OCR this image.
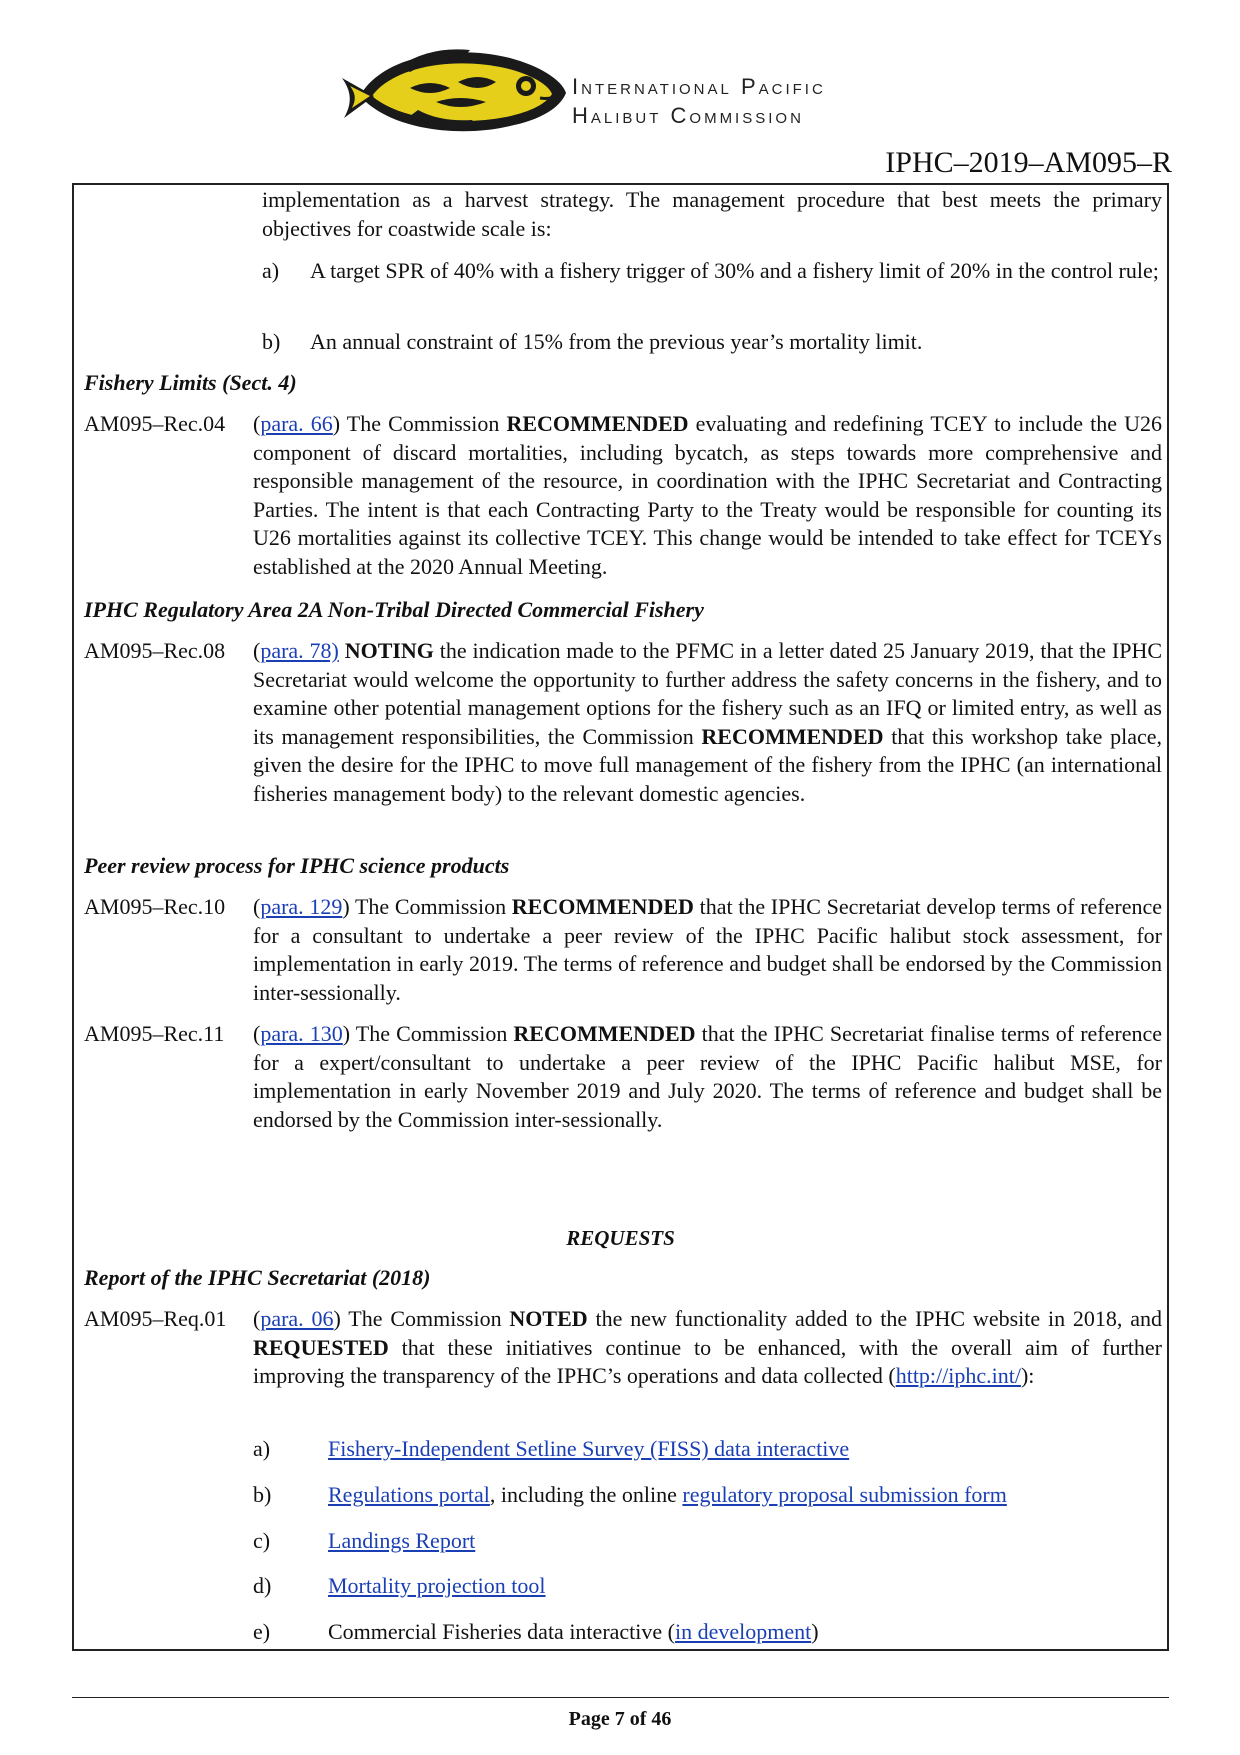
International Pacific
Halibut Commission
IPHC–2019–AM095–R

implementation as a harvest strategy. The management procedure that best meets the primary objectives for coastwide scale is:

a) A target SPR of 40% with a fishery trigger of 30% and a fishery limit of 20% in the control rule;

b) An annual constraint of 15% from the previous year’s mortality limit.

Fishery Limits (Sect. 4)
AM095–Rec.04 (para. 66) The Commission RECOMMENDED evaluating and redefining TCEY to include the U26 component of discard mortalities, including bycatch, as steps towards more comprehensive and responsible management of the resource, in coordination with the IPHC Secretariat and Contracting Parties. The intent is that each Contracting Party to the Treaty would be responsible for counting its U26 mortalities against its collective TCEY. This change would be intended to take effect for TCEYs established at the 2020 Annual Meeting.

IPHC Regulatory Area 2A Non-Tribal Directed Commercial Fishery
AM095–Rec.08 (para. 78) NOTING the indication made to the PFMC in a letter dated 25 January 2019, that the IPHC Secretariat would welcome the opportunity to further address the safety concerns in the fishery, and to examine other potential management options for the fishery such as an IFQ or limited entry, as well as its management responsibilities, the Commission RECOMMENDED that this workshop take place, given the desire for the IPHC to move full management of the fishery from the IPHC (an international fisheries management body) to the relevant domestic agencies.

Peer review process for IPHC science products
AM095–Rec.10 (para. 129) The Commission RECOMMENDED that the IPHC Secretariat develop terms of reference for a consultant to undertake a peer review of the IPHC Pacific halibut stock assessment, for implementation in early 2019. The terms of reference and budget shall be endorsed by the Commission inter-sessionally.

AM095–Rec.11 (para. 130) The Commission RECOMMENDED that the IPHC Secretariat finalise terms of reference for a expert/consultant to undertake a peer review of the IPHC Pacific halibut MSE, for implementation in early November 2019 and July 2020. The terms of reference and budget shall be endorsed by the Commission inter-sessionally.

REQUESTS
Report of the IPHC Secretariat (2018)
AM095–Req.01 (para. 06) The Commission NOTED the new functionality added to the IPHC website in 2018, and REQUESTED that these initiatives continue to be enhanced, with the overall aim of further improving the transparency of the IPHC’s operations and data collected (http://iphc.int/):

a)	Fishery-Independent Setline Survey (FISS) data interactive
b)	Regulations portal, including the online regulatory proposal submission form
c)	Landings Report
d)	Mortality projection tool
e)	Commercial Fisheries data interactive (in development)
Page 7 of 46
